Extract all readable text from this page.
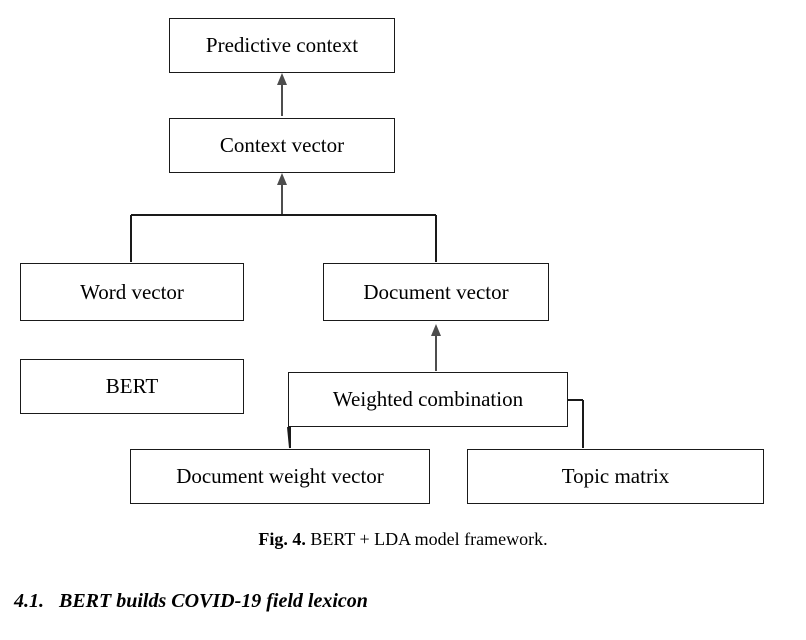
Predictive context
Context vector
Word vector	Document vector
BERT
Weighted combination
Document weight vector	Topic matrix
Fig. 4. BERT + LDA model framework.
4.1. BERT builds COVID-19 field lexicon
